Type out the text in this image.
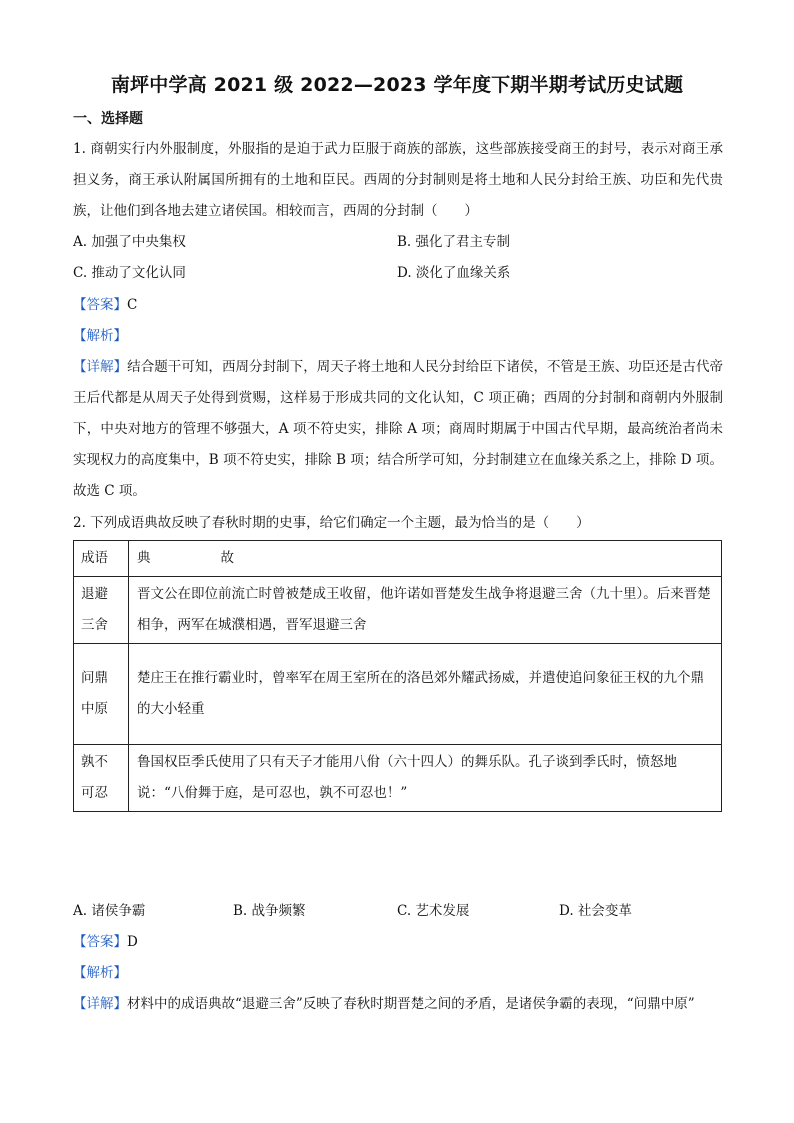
南坪中学高 2021 级 2022—2023 学年度下期半期考试历史试题
一、选择题
1. 商朝实行内外服制度，外服指的是迫于武力臣服于商族的部族，这些部族接受商王的封号，表示对商王承担义务，商王承认附属国所拥有的土地和臣民。西周的分封制则是将土地和人民分封给王族、功臣和先代贵族，让他们到各地去建立诸侯国。相较而言，西周的分封制（　　）
A. 加强了中央集权	B. 强化了君主专制
C. 推动了文化认同	D. 淡化了血缘关系
【答案】C
【解析】
【详解】结合题干可知，西周分封制下，周天子将土地和人民分封给臣下诸侯，不管是王族、功臣还是古代帝王后代都是从周天子处得到赏赐，这样易于形成共同的文化认知，C 项正确；西周的分封制和商朝内外服制下，中央对地方的管理不够强大，A 项不符史实，排除 A 项；商周时期属于中国古代早期，最高统治者尚未实现权力的高度集中，B 项不符史实，排除 B 项；结合所学可知，分封制建立在血缘关系之上，排除 D 项。故选 C 项。
2. 下列成语典故反映了春秋时期的史事，给它们确定一个主题，最为恰当的是（　　）
成语	典 故
退避三舍	晋文公在即位前流亡时曾被楚成王收留，他许诺如晋楚发生战争将退避三舍（九十里）。后来晋楚相争，两军在城濮相遇，晋军退避三舍
问鼎中原	楚庄王在推行霸业时，曾率军在周王室所在的洛邑郊外耀武扬威，并遣使追问象征王权的九个鼎的大小轻重
孰不可忍	鲁国权臣季氏使用了只有天子才能用八佾（六十四人）的舞乐队。孔子谈到季氏时，愤怒地说：“八佾舞于庭，是可忍也，孰不可忍也！”
A. 诸侯争霸	B. 战争频繁	C. 艺术发展	D. 社会变革
【答案】D
【解析】
【详解】材料中的成语典故“退避三舍”反映了春秋时期晋楚之间的矛盾，是诸侯争霸的表现，“问鼎中原”
